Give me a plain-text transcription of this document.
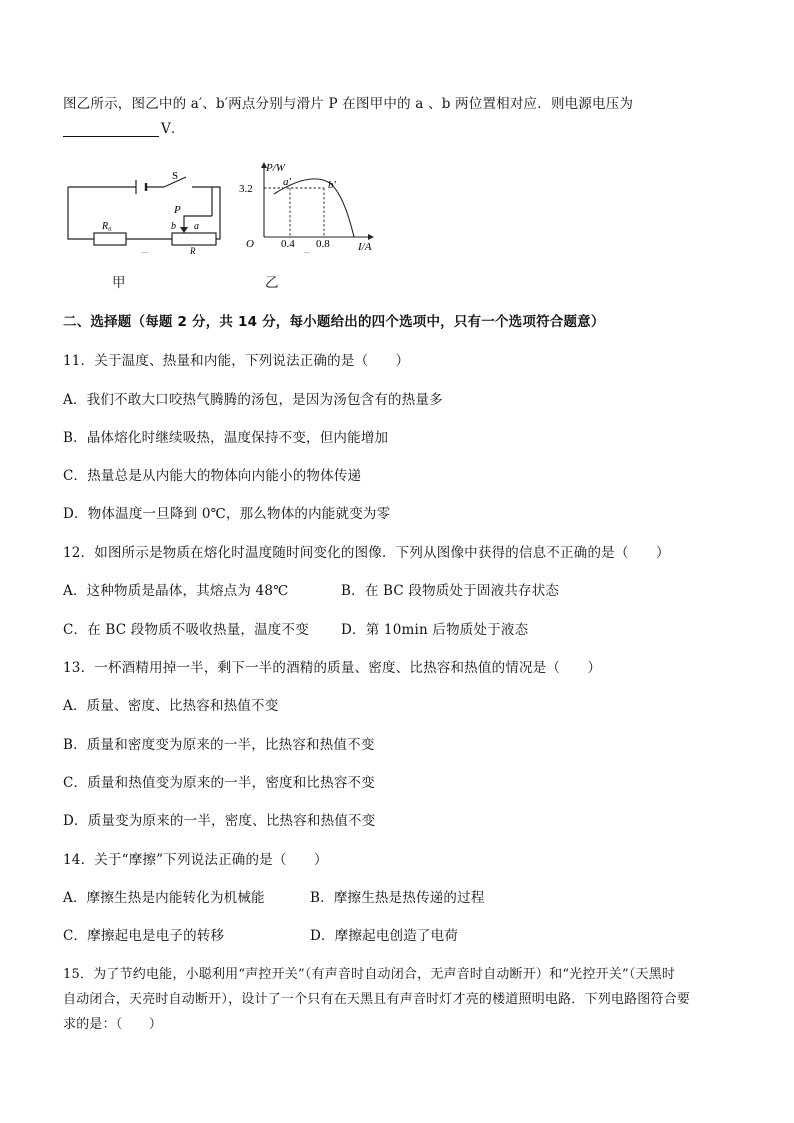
图乙所示，图乙中的 a′、b′两点分别与滑片 P 在图甲中的 a 、b 两位置相对应．则电源电压为
V．
S
P
b a
R₀
R
...
甲
P/W
I/A
O
3.2
0.4 0.8
a′	b′
...
乙
二、选择题（每题 2 分，共 14 分，每小题给出的四个选项中，只有一个选项符合题意）
11．关于温度、热量和内能，下列说法正确的是（　　）
A．我们不敢大口咬热气腾腾的汤包，是因为汤包含有的热量多
B．晶体熔化时继续吸热，温度保持不变，但内能增加
C．热量总是从内能大的物体向内能小的物体传递
D．物体温度一旦降到 0℃，那么物体的内能就变为零
12．如图所示是物质在熔化时温度随时间变化的图像．下列从图像中获得的信息不正确的是（　　）
A．这种物质是晶体，其熔点为 48℃	B．在 BC 段物质处于固液共存状态
C．在 BC 段物质不吸收热量，温度不变 D．第 10min 后物质处于液态
13．一杯酒精用掉一半，剩下一半的酒精的质量、密度、比热容和热值的情况是（　　）
A．质量、密度、比热容和热值不变
B．质量和密度变为原来的一半，比热容和热值不变
C．质量和热值变为原来的一半，密度和比热容不变
D．质量变为原来的一半，密度、比热容和热值不变
14．关于“摩擦”下列说法正确的是（　　）
A．摩擦生热是内能转化为机械能	B．摩擦生热是热传递的过程
C．摩擦起电是电子的转移	D．摩擦起电创造了电荷
15．为了节约电能，小聪利用“声控开关”（有声音时自动闭合，无声音时自动断开）和“光控开关”（天黑时
自动闭合，天亮时自动断开），设计了一个只有在天黑且有声音时灯才亮的楼道照明电路．下列电路图符合要
求的是：（　　）
